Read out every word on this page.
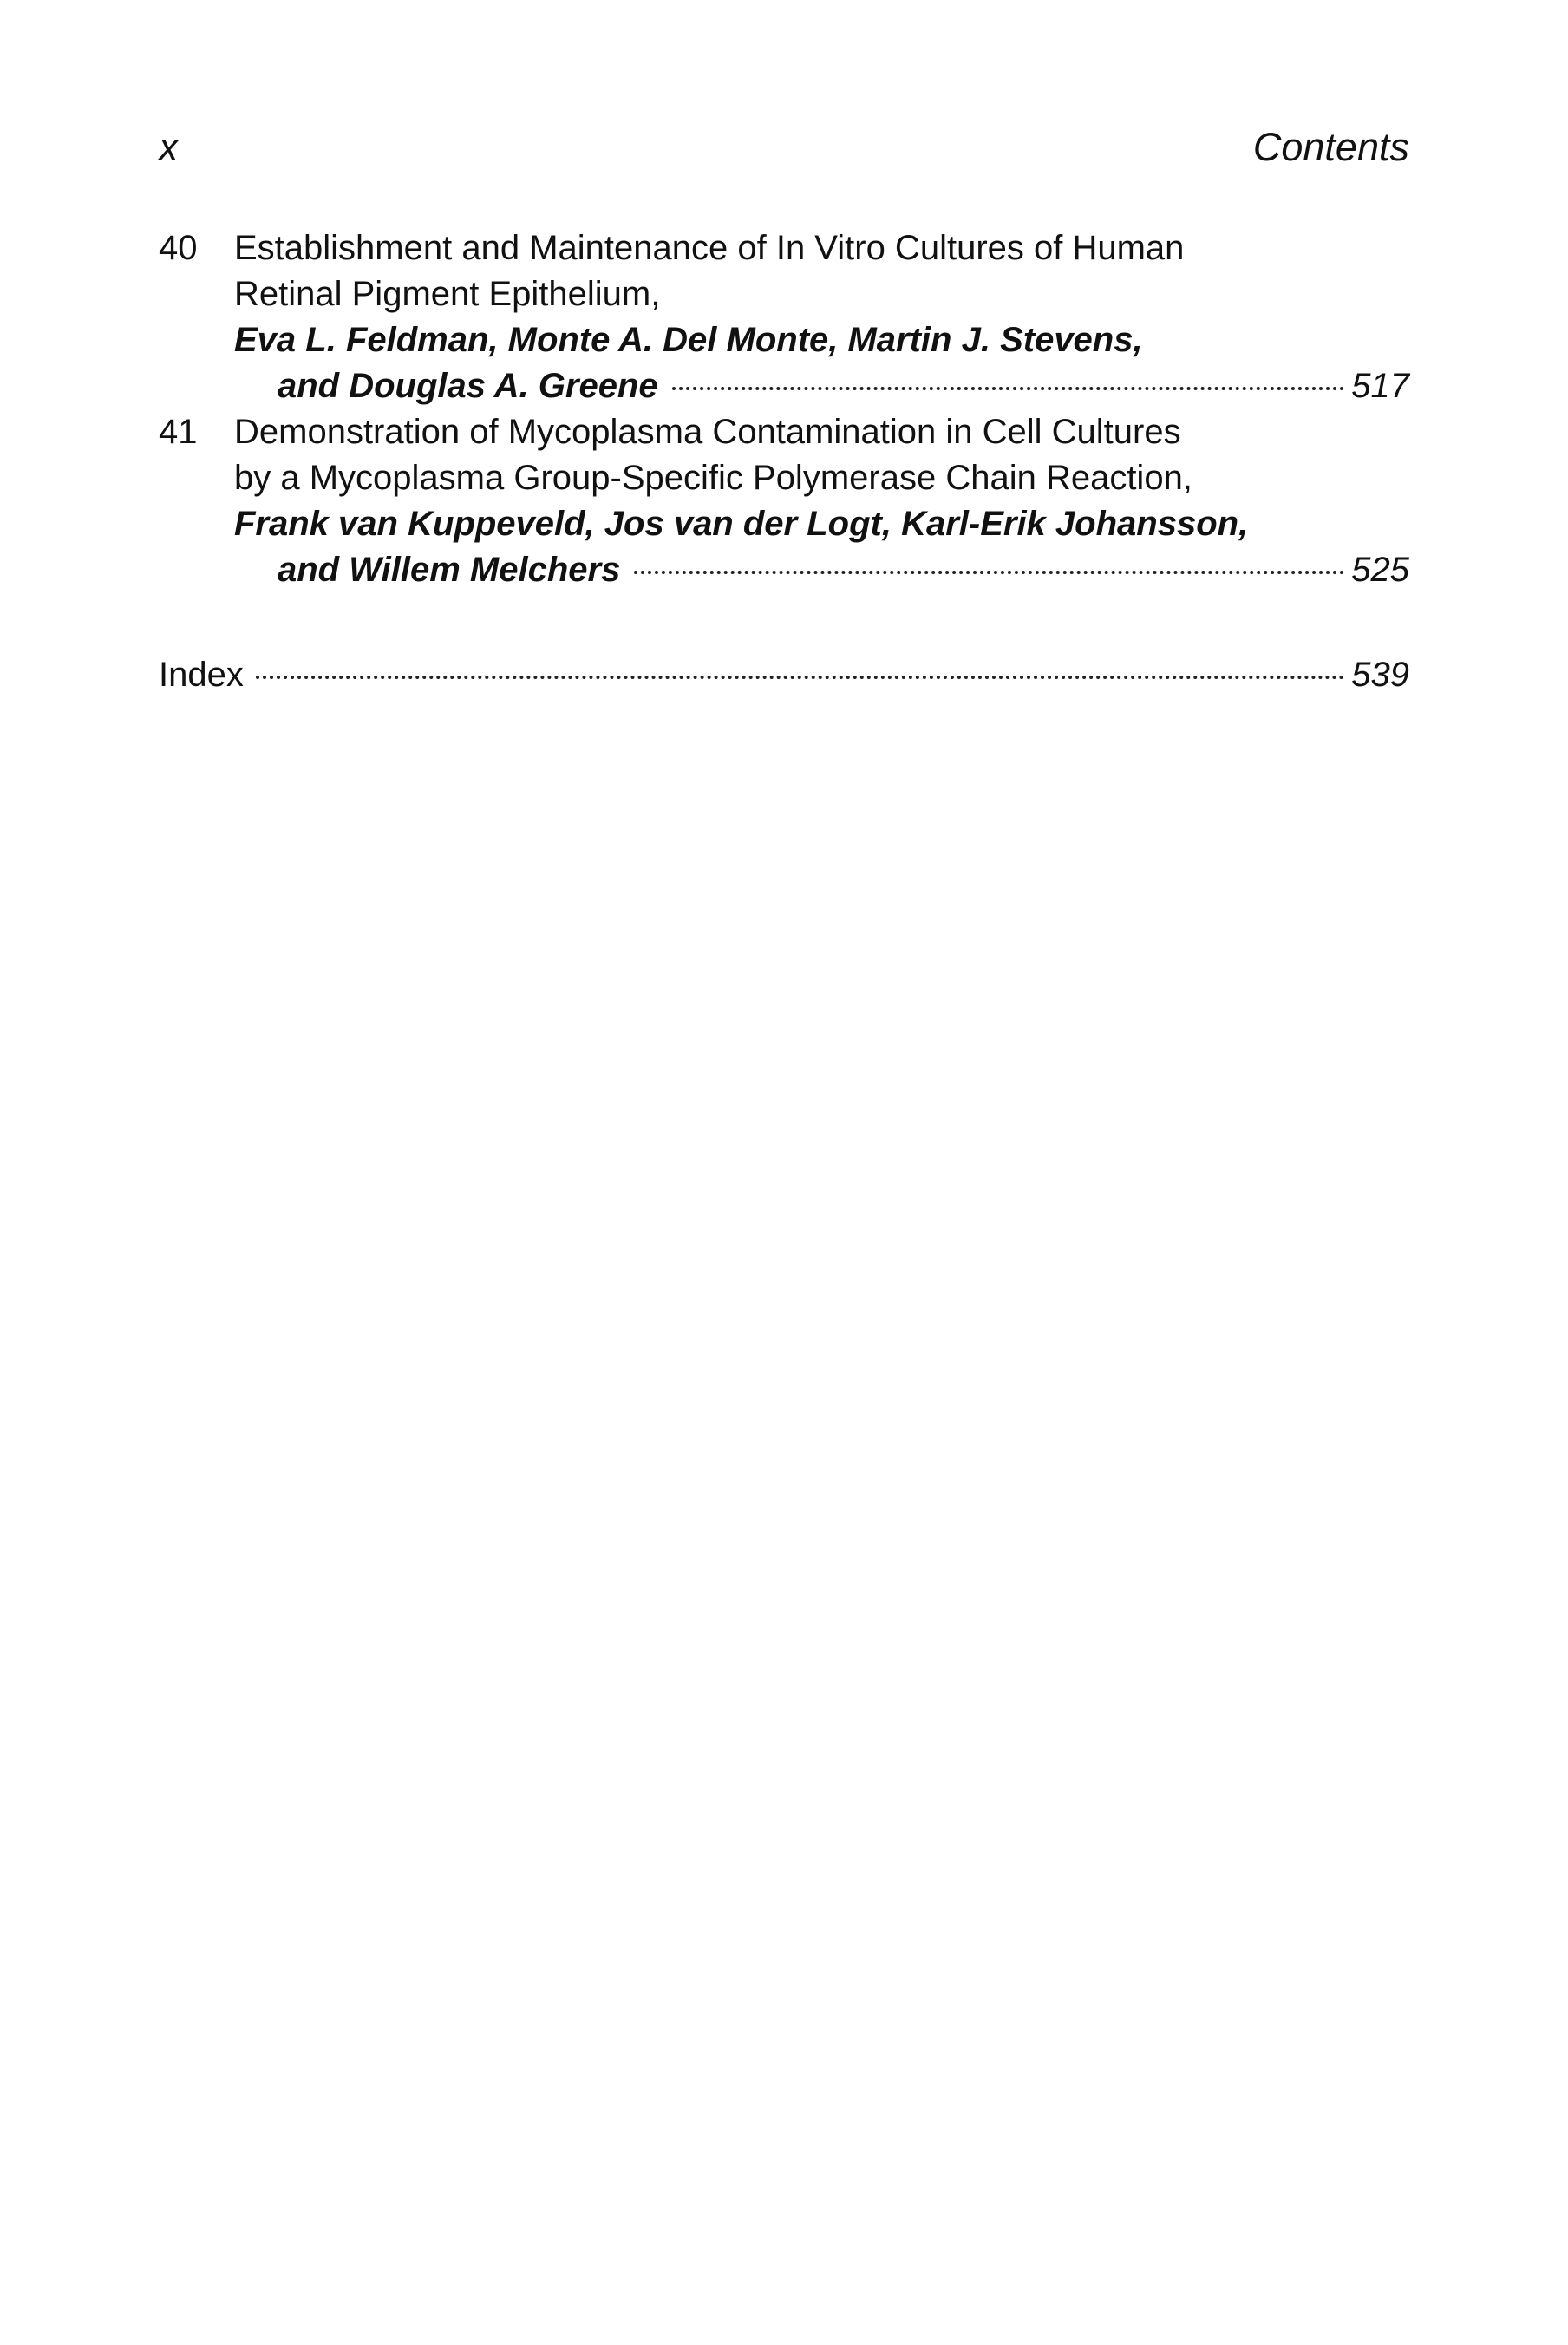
x	Contents
40	Establishment and Maintenance of In Vitro Cultures of Human
Retinal Pigment Epithelium,
Eva L. Feldman, Monte A. Del Monte, Martin J. Stevens,
and Douglas A. Greene	517
41	Demonstration of Mycoplasma Contamination in Cell Cultures
by a Mycoplasma Group-Specific Polymerase Chain Reaction,
Frank van Kuppeveld, Jos van der Logt, Karl-Erik Johansson,
and Willem Melchers	525
Index	539
